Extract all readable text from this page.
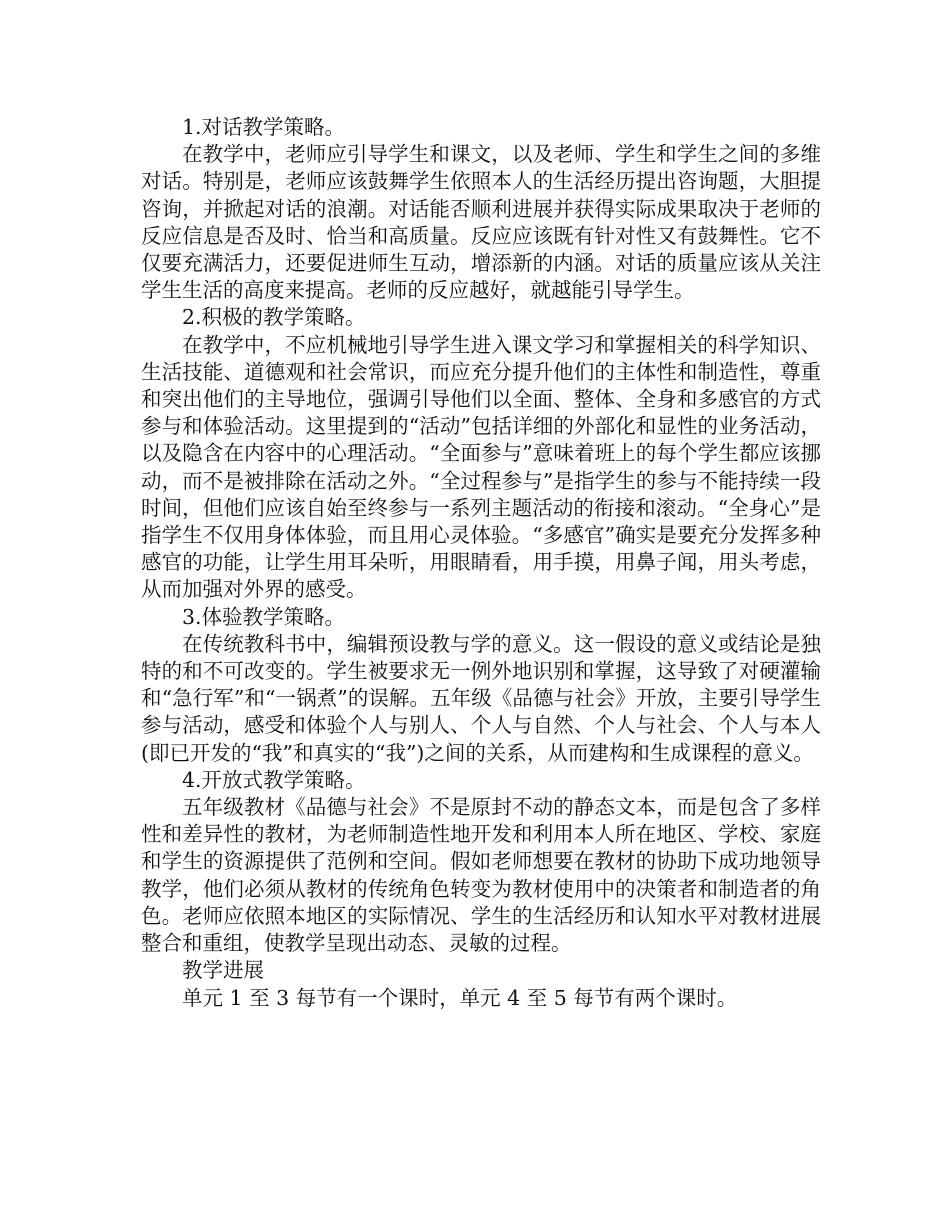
1.对话教学策略。

在教学中，老师应引导学生和课文，以及老师、学生和学生之间的多维对话。特别是，老师应该鼓舞学生依照本人的生活经历提出咨询题，大胆提咨询，并掀起对话的浪潮。对话能否顺利进展并获得实际成果取决于老师的反应信息是否及时、恰当和高质量。反应应该既有针对性又有鼓舞性。它不仅要充满活力，还要促进师生互动，增添新的内涵。对话的质量应该从关注学生生活的高度来提高。老师的反应越好，就越能引导学生。

2.积极的教学策略。

在教学中，不应机械地引导学生进入课文学习和掌握相关的科学知识、生活技能、道德观和社会常识，而应充分提升他们的主体性和制造性，尊重和突出他们的主导地位，强调引导他们以全面、整体、全身和多感官的方式参与和体验活动。这里提到的“活动”包括详细的外部化和显性的业务活动，以及隐含在内容中的心理活动。“全面参与”意味着班上的每个学生都应该挪动，而不是被排除在活动之外。“全过程参与”是指学生的参与不能持续一段时间，但他们应该自始至终参与一系列主题活动的衔接和滚动。“全身心”是指学生不仅用身体体验，而且用心灵体验。“多感官”确实是要充分发挥多种感官的功能，让学生用耳朵听，用眼睛看，用手摸，用鼻子闻，用头考虑，从而加强对外界的感受。

3.体验教学策略。

在传统教科书中，编辑预设教与学的意义。这一假设的意义或结论是独特的和不可改变的。学生被要求无一例外地识别和掌握，这导致了对硬灌输和“急行军”和“一锅煮”的误解。五年级《品德与社会》开放，主要引导学生参与活动，感受和体验个人与别人、个人与自然、个人与社会、个人与本人(即已开发的“我”和真实的“我”)之间的关系，从而建构和生成课程的意义。

4.开放式教学策略。

五年级教材《品德与社会》不是原封不动的静态文本，而是包含了多样性和差异性的教材，为老师制造性地开发和利用本人所在地区、学校、家庭和学生的资源提供了范例和空间。假如老师想要在教材的协助下成功地领导教学，他们必须从教材的传统角色转变为教材使用中的决策者和制造者的角色。老师应依照本地区的实际情况、学生的生活经历和认知水平对教材进展整合和重组，使教学呈现出动态、灵敏的过程。

教学进展

单元 1 至 3 每节有一个课时，单元 4 至 5 每节有两个课时。
